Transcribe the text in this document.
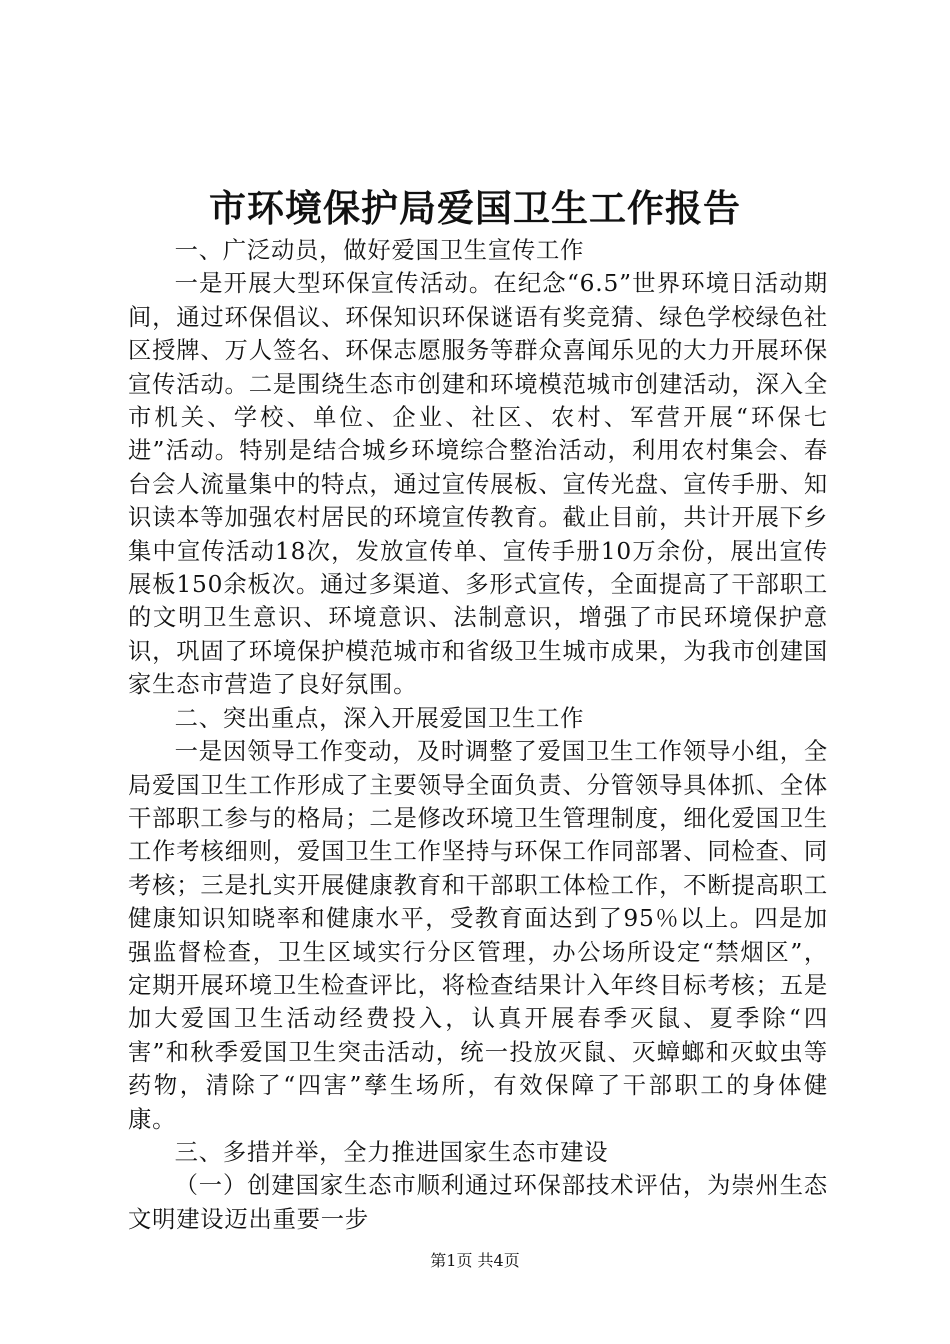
市环境保护局爱国卫生工作报告

一、广泛动员，做好爱国卫生宣传工作

一是开展大型环保宣传活动。在纪念“6.5”世界环境日活动期间，通过环保倡议、环保知识环保谜语有奖竞猜、绿色学校绿色社区授牌、万人签名、环保志愿服务等群众喜闻乐见的大力开展环保宣传活动。二是围绕生态市创建和环境模范城市创建活动，深入全市机关、学校、单位、企业、社区、农村、军营开展“环保七进”活动。特别是结合城乡环境综合整治活动，利用农村集会、春台会人流量集中的特点，通过宣传展板、宣传光盘、宣传手册、知识读本等加强农村居民的环境宣传教育。截止目前，共计开展下乡集中宣传活动18次，发放宣传单、宣传手册10万余份，展出宣传展板150余板次。通过多渠道、多形式宣传，全面提高了干部职工的文明卫生意识、环境意识、法制意识，增强了市民环境保护意识，巩固了环境保护模范城市和省级卫生城市成果，为我市创建国家生态市营造了良好氛围。

二、突出重点，深入开展爱国卫生工作

一是因领导工作变动，及时调整了爱国卫生工作领导小组，全局爱国卫生工作形成了主要领导全面负责、分管领导具体抓、全体干部职工参与的格局；二是修改环境卫生管理制度，细化爱国卫生工作考核细则，爱国卫生工作坚持与环保工作同部署、同检查、同考核；三是扎实开展健康教育和干部职工体检工作，不断提高职工健康知识知晓率和健康水平，受教育面达到了95％以上。四是加强监督检查，卫生区域实行分区管理，办公场所设定“禁烟区”，定期开展环境卫生检查评比，将检查结果计入年终目标考核；五是加大爱国卫生活动经费投入，认真开展春季灭鼠、夏季除“四害”和秋季爱国卫生突击活动，统一投放灭鼠、灭蟑螂和灭蚊虫等药物，清除了“四害”孳生场所，有效保障了干部职工的身体健康。

三、多措并举，全力推进国家生态市建设

（一）创建国家生态市顺利通过环保部技术评估，为崇州生态文明建设迈出重要一步

第1页 共4页
